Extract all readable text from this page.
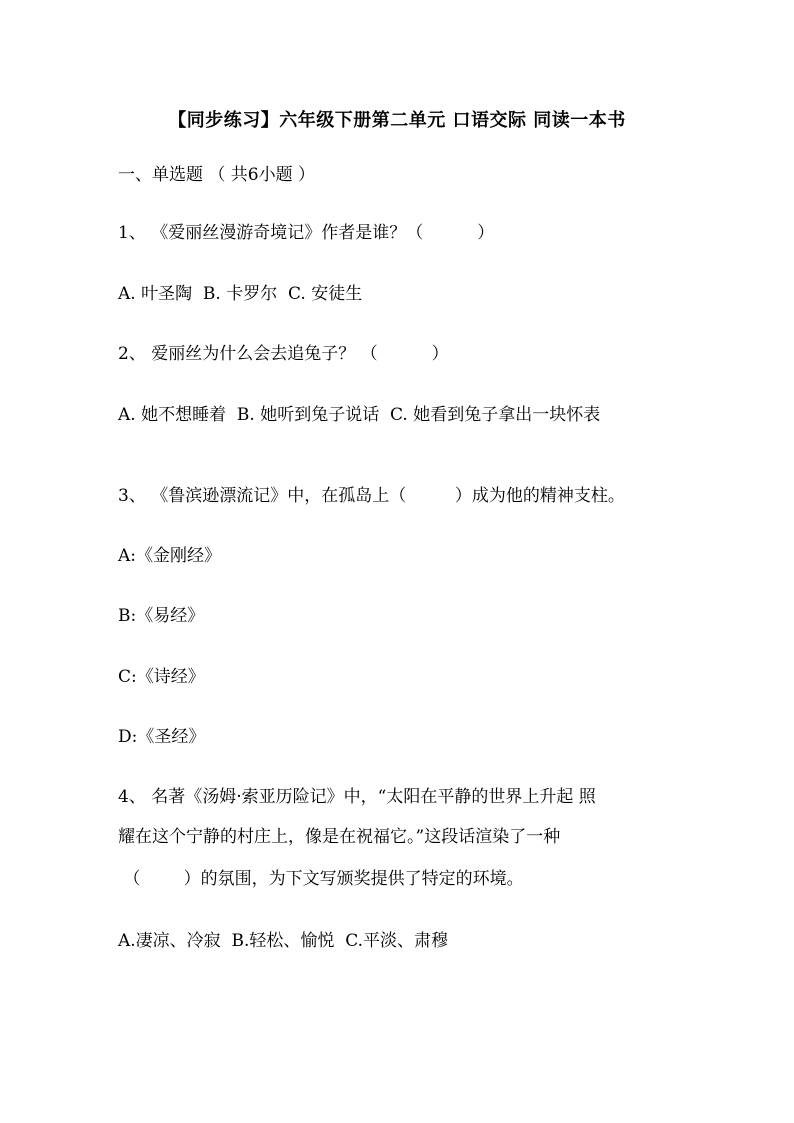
【同步练习】六年级下册第二单元 口语交际 同读一本书
一、单选题 （ 共6小题 ）
1、 《爱丽丝漫游奇境记》作者是谁？（          ）
A. 叶圣陶  B. 卡罗尔  C. 安徒生
2、 爱丽丝为什么会去追兔子？ （          ）
A. 她不想睡着  B. 她听到兔子说话  C. 她看到兔子拿出一块怀表
3、 《鲁滨逊漂流记》中，在孤岛上（         ）成为他的精神支柱。
A:《金刚经》
B:《易经》
C:《诗经》
D:《圣经》
4、 名著《汤姆·索亚历险记》中，“太阳在平静的世界上升起 照
耀在这个宁静的村庄上，像是在祝福它。”这段话渲染了一种
（        ）的氛围，为下文写颁奖提供了特定的环境。
A.凄凉、冷寂  B.轻松、愉悦  C.平淡、肃穆
